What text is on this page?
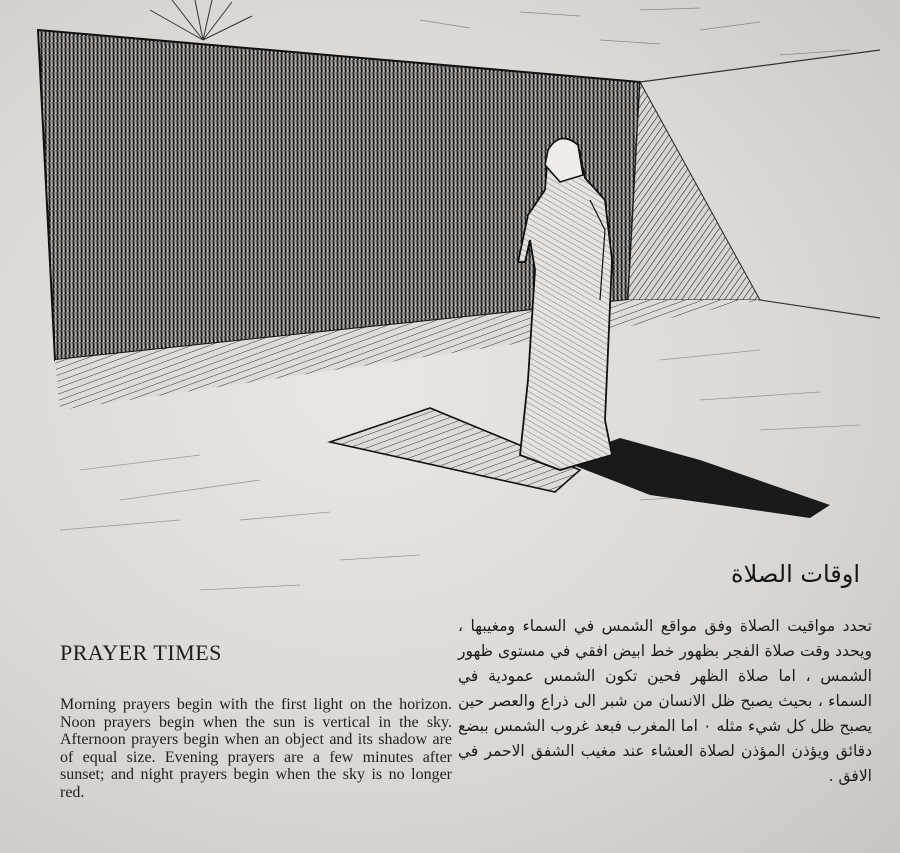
اوقات الصلاة

تحدد مواقيت الصلاة وفق مواقع الشمس في السماء ومغيبها ، ويحدد وقت صلاة الفجر بظهور خط ابيض افقي في مستوى ظهور الشمس ، اما صلاة الظهر فحين تكون الشمس عمودية في السماء ، بحيث يصبح ظل الانسان من شبر الى ذراع والعصر حين يصبح ظل كل شيء مثله ٠ اما المغرب فبعد غروب الشمس ببضع دقائق ويؤذن المؤذن لصلاة العشاء عند مغيب الشفق الاحمر في الافق .

PRAYER TIMES

Morning prayers begin with the first light on the horizon. Noon prayers begin when the sun is vertical in the sky. Afternoon prayers begin when an object and its shadow are of equal size. Evening prayers are a few minutes after sunset; and night prayers begin when the sky is no longer red.
